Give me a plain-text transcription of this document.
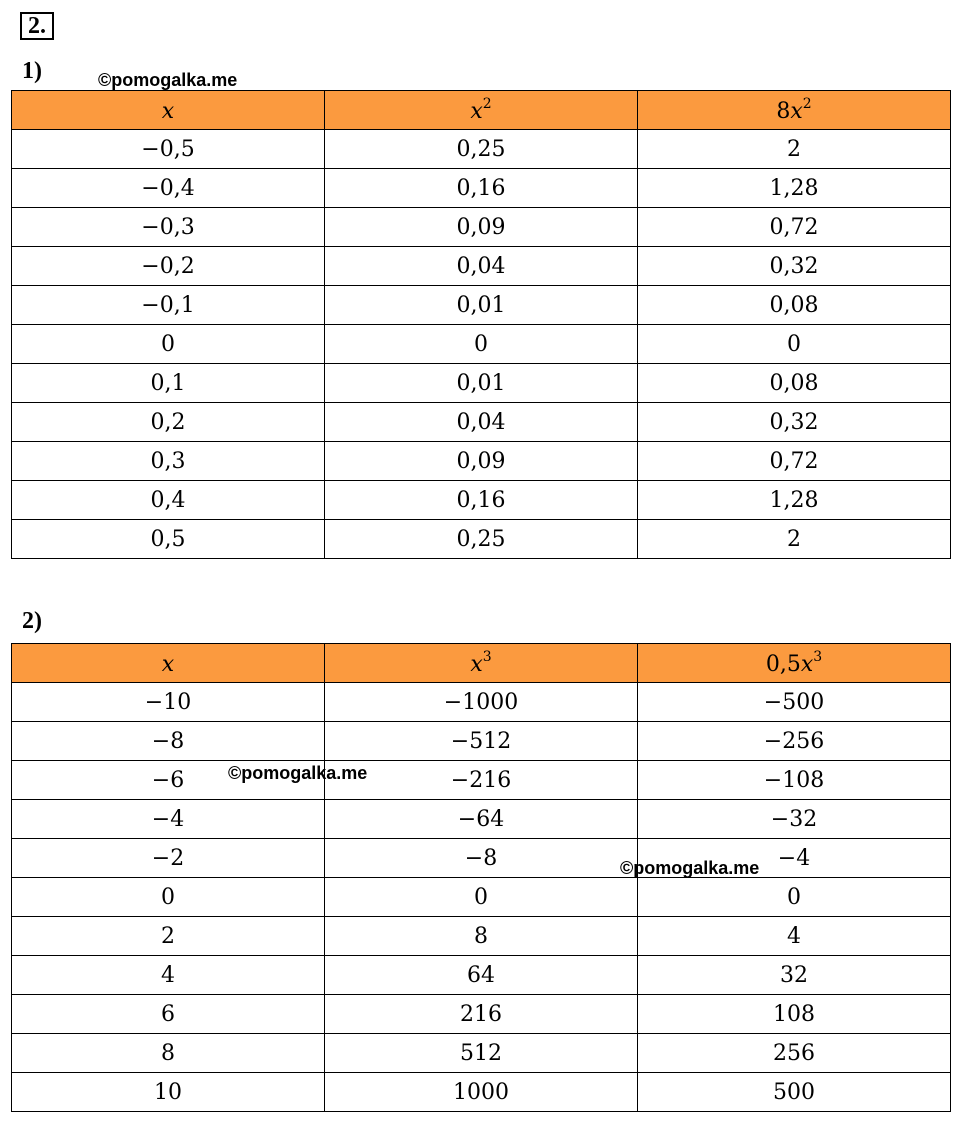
2.
1)	©pomogalka.me
x	$x^2$	$8x^2$
−0,5	0,25	2
−0,4	0,16	1,28
−0,3	0,09	0,72
−0,2	0,04	0,32
−0,1	0,01	0,08
0	0	0
0,1	0,01	0,08
0,2	0,04	0,32
0,3	0,09	0,72
0,4	0,16	1,28
0,5	0,25	2
2)
x	$x^3$	$0,5x^3$
−10	−1000	−500
−8	−512	−256
−6	−216	−108
−4	−64	−32
−2	−8	−4
0	0	0
2	8	4
4	64	32
6	216	108
8	512	256
10	1000	500
©pomogalka.me
©pomogalka.me
